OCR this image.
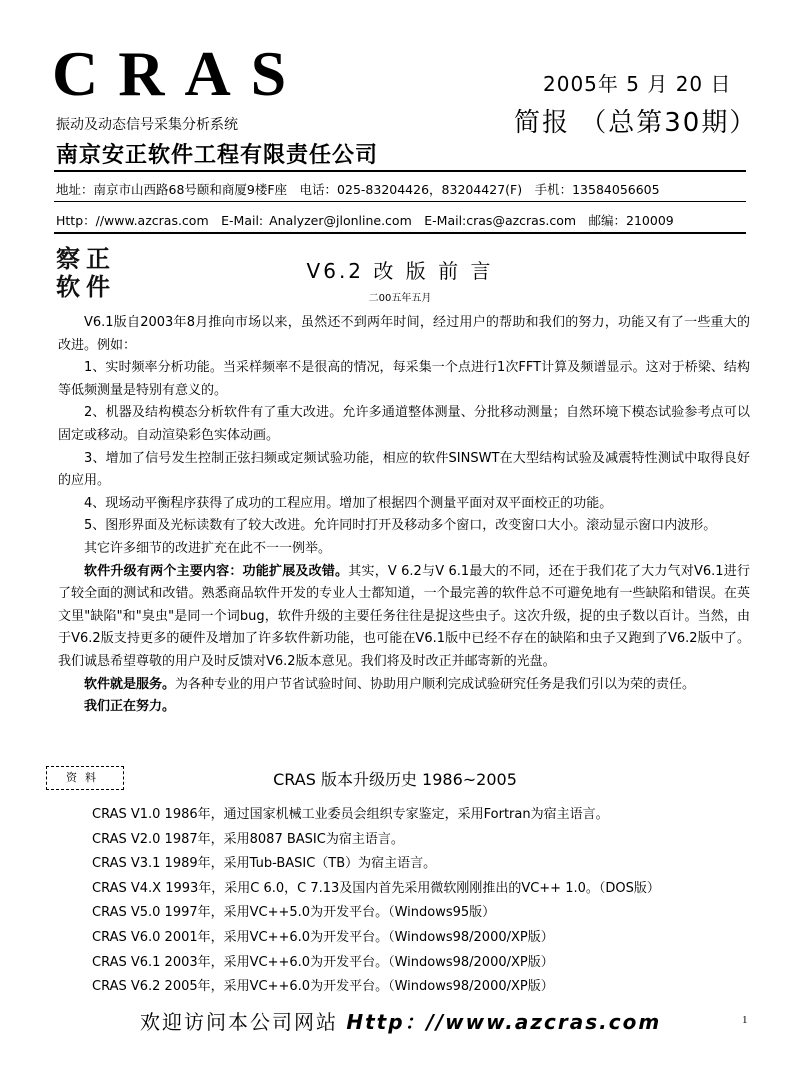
CRAS
振动及动态信号采集分析系统
南京安正软件工程有限责任公司
2005年 5 月 20 日
简报 （总第30期）
地址：南京市山西路68号颐和商厦9楼F座　电话：025-83204426，83204427(F)　手机：13584056605
Http：//www.azcras.com　E-Mail: Analyzer@jlonline.com　E-Mail:cras@azcras.com　邮编：210009
察 正
软 件
V6.2 改 版 前 言
二00五年五月

V6.1版自2003年8月推向市场以来，虽然还不到两年时间，经过用户的帮助和我们的努力，功能又有了一些重大的改进。例如：

1、实时频率分析功能。当采样频率不是很高的情况，每采集一个点进行1次FFT计算及频谱显示。这对于桥梁、结构等低频测量是特别有意义的。

2、机器及结构模态分析软件有了重大改进。允许多通道整体测量、分批移动测量；自然环境下模态试验参考点可以固定或移动。自动渲染彩色实体动画。

3、增加了信号发生控制正弦扫频或定频试验功能，相应的软件SINSWT在大型结构试验及减震特性测试中取得良好的应用。

4、现场动平衡程序获得了成功的工程应用。增加了根据四个测量平面对双平面校正的功能。

5、图形界面及光标读数有了较大改进。允许同时打开及移动多个窗口，改变窗口大小。滚动显示窗口内波形。

其它许多细节的改进扩充在此不一一例举。

软件升级有两个主要内容：功能扩展及改错。其实，V 6.2与V 6.1最大的不同，还在于我们花了大力气对V6.1进行了较全面的测试和改错。熟悉商品软件开发的专业人士都知道，一个最完善的软件总不可避免地有一些缺陷和错误。在英文里"缺陷"和"臭虫"是同一个词bug，软件升级的主要任务往往是捉这些虫子。这次升级，捉的虫子数以百计。当然，由于V6.2版支持更多的硬件及增加了许多软件新功能，也可能在V6.1版中已经不存在的缺陷和虫子又跑到了V6.2版中了。我们诚恳希望尊敬的用户及时反馈对V6.2版本意见。我们将及时改正并邮寄新的光盘。

软件就是服务。为各种专业的用户节省试验时间、协助用户顺利完成试验研究任务是我们引以为荣的责任。

我们正在努力。

资料	CRAS 版本升级历史 1986~2005
CRAS V1.0 1986年，通过国家机械工业委员会组织专家鉴定，采用Fortran为宿主语言。
CRAS V2.0 1987年，采用8087 BASIC为宿主语言。
CRAS V3.1 1989年，采用Tub-BASIC（TB）为宿主语言。
CRAS V4.X 1993年，采用C 6.0，C 7.13及国内首先采用微软刚刚推出的VC++ 1.0。（DOS版）
CRAS V5.0 1997年，采用VC++5.0为开发平台。（Windows95版）
CRAS V6.0 2001年，采用VC++6.0为开发平台。（Windows98/2000/XP版）
CRAS V6.1 2003年，采用VC++6.0为开发平台。（Windows98/2000/XP版）
CRAS V6.2 2005年，采用VC++6.0为开发平台。（Windows98/2000/XP版）
欢迎访问本公司网站 Http：//www.azcras.com	1
